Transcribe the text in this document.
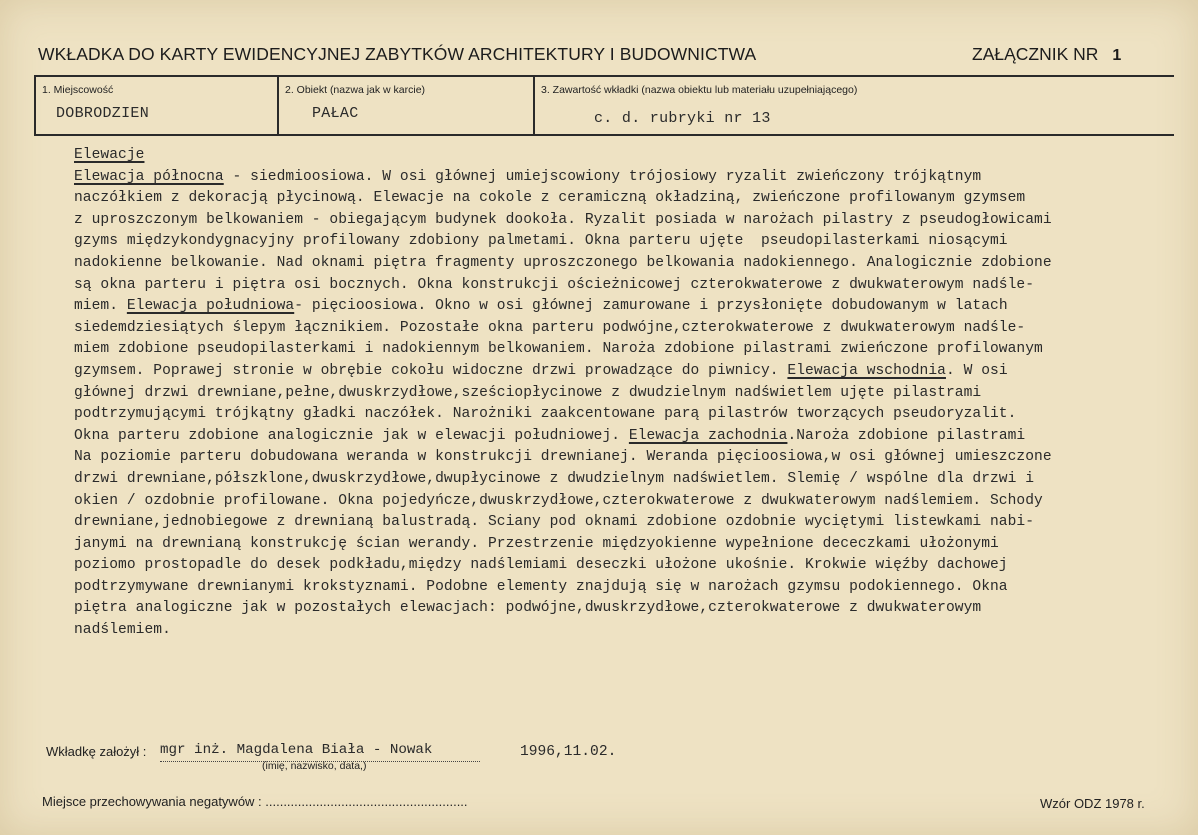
WKŁADKA DO KARTY EWIDENCYJNEJ ZABYTKÓW ARCHITEKTURY I BUDOWNICTWA	ZAŁĄCZNIK NR 1
1. Miejscowość
DOBRODZIEN
2. Obiekt (nazwa jak w karcie)
PAŁAC
3. Zawartość wkładki (nazwa obiektu lub materiału uzupełniającego)
c. d. rubryki nr 13
Elewacje
Elewacja północna - siedmioosiowa. W osi głównej umiejscowiony trójosiowy ryzalit zwieńczony trójkątnym
naczółkiem z dekoracją płycinową. Elewacje na cokole z ceramiczną okładziną, zwieńczone profilowanym gzymsem
z uproszczonym belkowaniem - obiegającym budynek dookoła. Ryzalit posiada w narożach pilastry z pseudogłowicami
gzyms międzykondygnacyjny profilowany zdobiony palmetami. Okna parteru ujęte  pseudopilasterkami niosącymi
nadokienne belkowanie. Nad oknami piętra fragmenty uproszczonego belkowania nadokiennego. Analogicznie zdobione
są okna parteru i piętra osi bocznych. Okna konstrukcji ościeżnicowej czterokwaterowe z dwukwaterowym nadśle-
miem. Elewacja południowa- pięcioosiowa. Okno w osi głównej zamurowane i przysłonięte dobudowanym w latach
siedemdziesiątych ślepym łącznikiem. Pozostałe okna parteru podwójne,czterokwaterowe z dwukwaterowym nadśle-
miem zdobione pseudopilasterkami i nadokiennym belkowaniem. Naroża zdobione pilastrami zwieńczone profilowanym
gzymsem. Poprawej stronie w obrębie cokołu widoczne drzwi prowadzące do piwnicy. Elewacja wschodnia. W osi
głównej drzwi drewniane,pełne,dwuskrzydłowe,sześciopłycinowe z dwudzielnym nadświetlem ujęte pilastrami
podtrzymującymi trójkątny gładki naczółek. Narożniki zaakcentowane parą pilastrów tworzących pseudoryzalit.
Okna parteru zdobione analogicznie jak w elewacji południowej. Elewacja zachodnia.Naroża zdobione pilastrami
Na poziomie parteru dobudowana weranda w konstrukcji drewnianej. Weranda pięcioosiowa,w osi głównej umieszczone
drzwi drewniane,półszklone,dwuskrzydłowe,dwupłycinowe z dwudzielnym nadświetlem. Slemię / wspólne dla drzwi i
okien / ozdobnie profilowane. Okna pojedyńcze,dwuskrzydłowe,czterokwaterowe z dwukwaterowym nadślemiem. Schody
drewniane,jednobiegowe z drewnianą balustradą. Sciany pod oknami zdobione ozdobnie wyciętymi listewkami nabi-
janymi na drewnianą konstrukcję ścian werandy. Przestrzenie międzyokienne wypełnione dececzkami ułożonymi
poziomo prostopadle do desek podkładu,między nadślemiami deseczki ułożone ukośnie. Krokwie więźby dachowej
podtrzymywane drewnianymi krokstyznami. Podobne elementy znajdują się w narożach gzymsu podokiennego. Okna
piętra analogiczne jak w pozostałych elewacjach: podwójne,dwuskrzydłowe,czterokwaterowe z dwukwaterowym
nadślemiem.
Wkładkę założył : mgr inż. Magdalena Biała - Nowak	1996,11.02.
(imię, nazwisko, data,)
Miejsce przechowywania negatywów : ........................................................	Wzór ODZ 1978 r.
